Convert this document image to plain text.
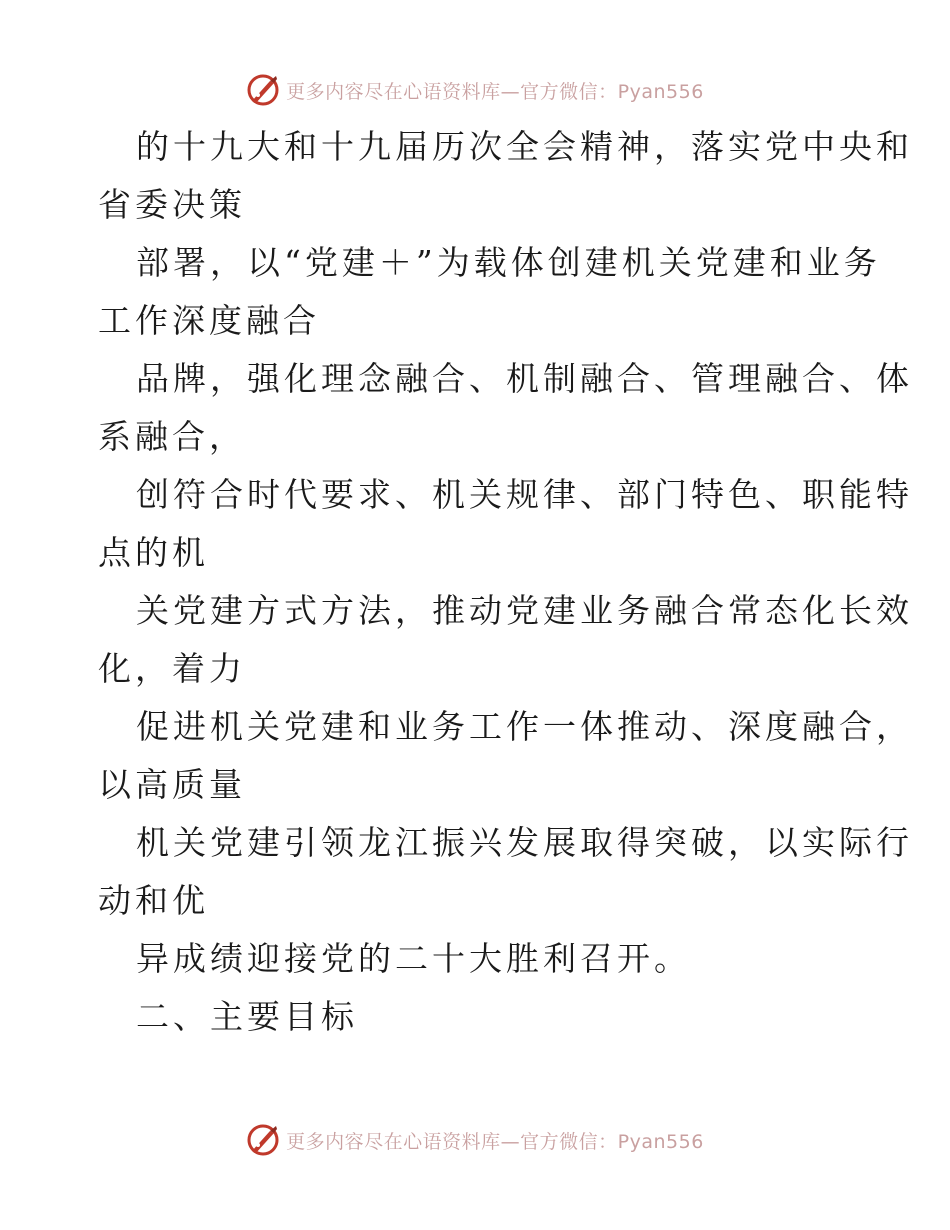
更多内容尽在心语资料库—官方微信：Pyan556
的十九大和十九届历次全会精神，落实党中央和
省委决策
部署，以“党建＋”为载体创建机关党建和业务
工作深度融合
品牌，强化理念融合、机制融合、管理融合、体
系融合，
创符合时代要求、机关规律、部门特色、职能特
点的机
关党建方式方法，推动党建业务融合常态化长效
化，着力
促进机关党建和业务工作一体推动、深度融合，
以高质量
机关党建引领龙江振兴发展取得突破，以实际行
动和优
异成绩迎接党的二十大胜利召开。
二、主要目标
更多内容尽在心语资料库—官方微信：Pyan556
